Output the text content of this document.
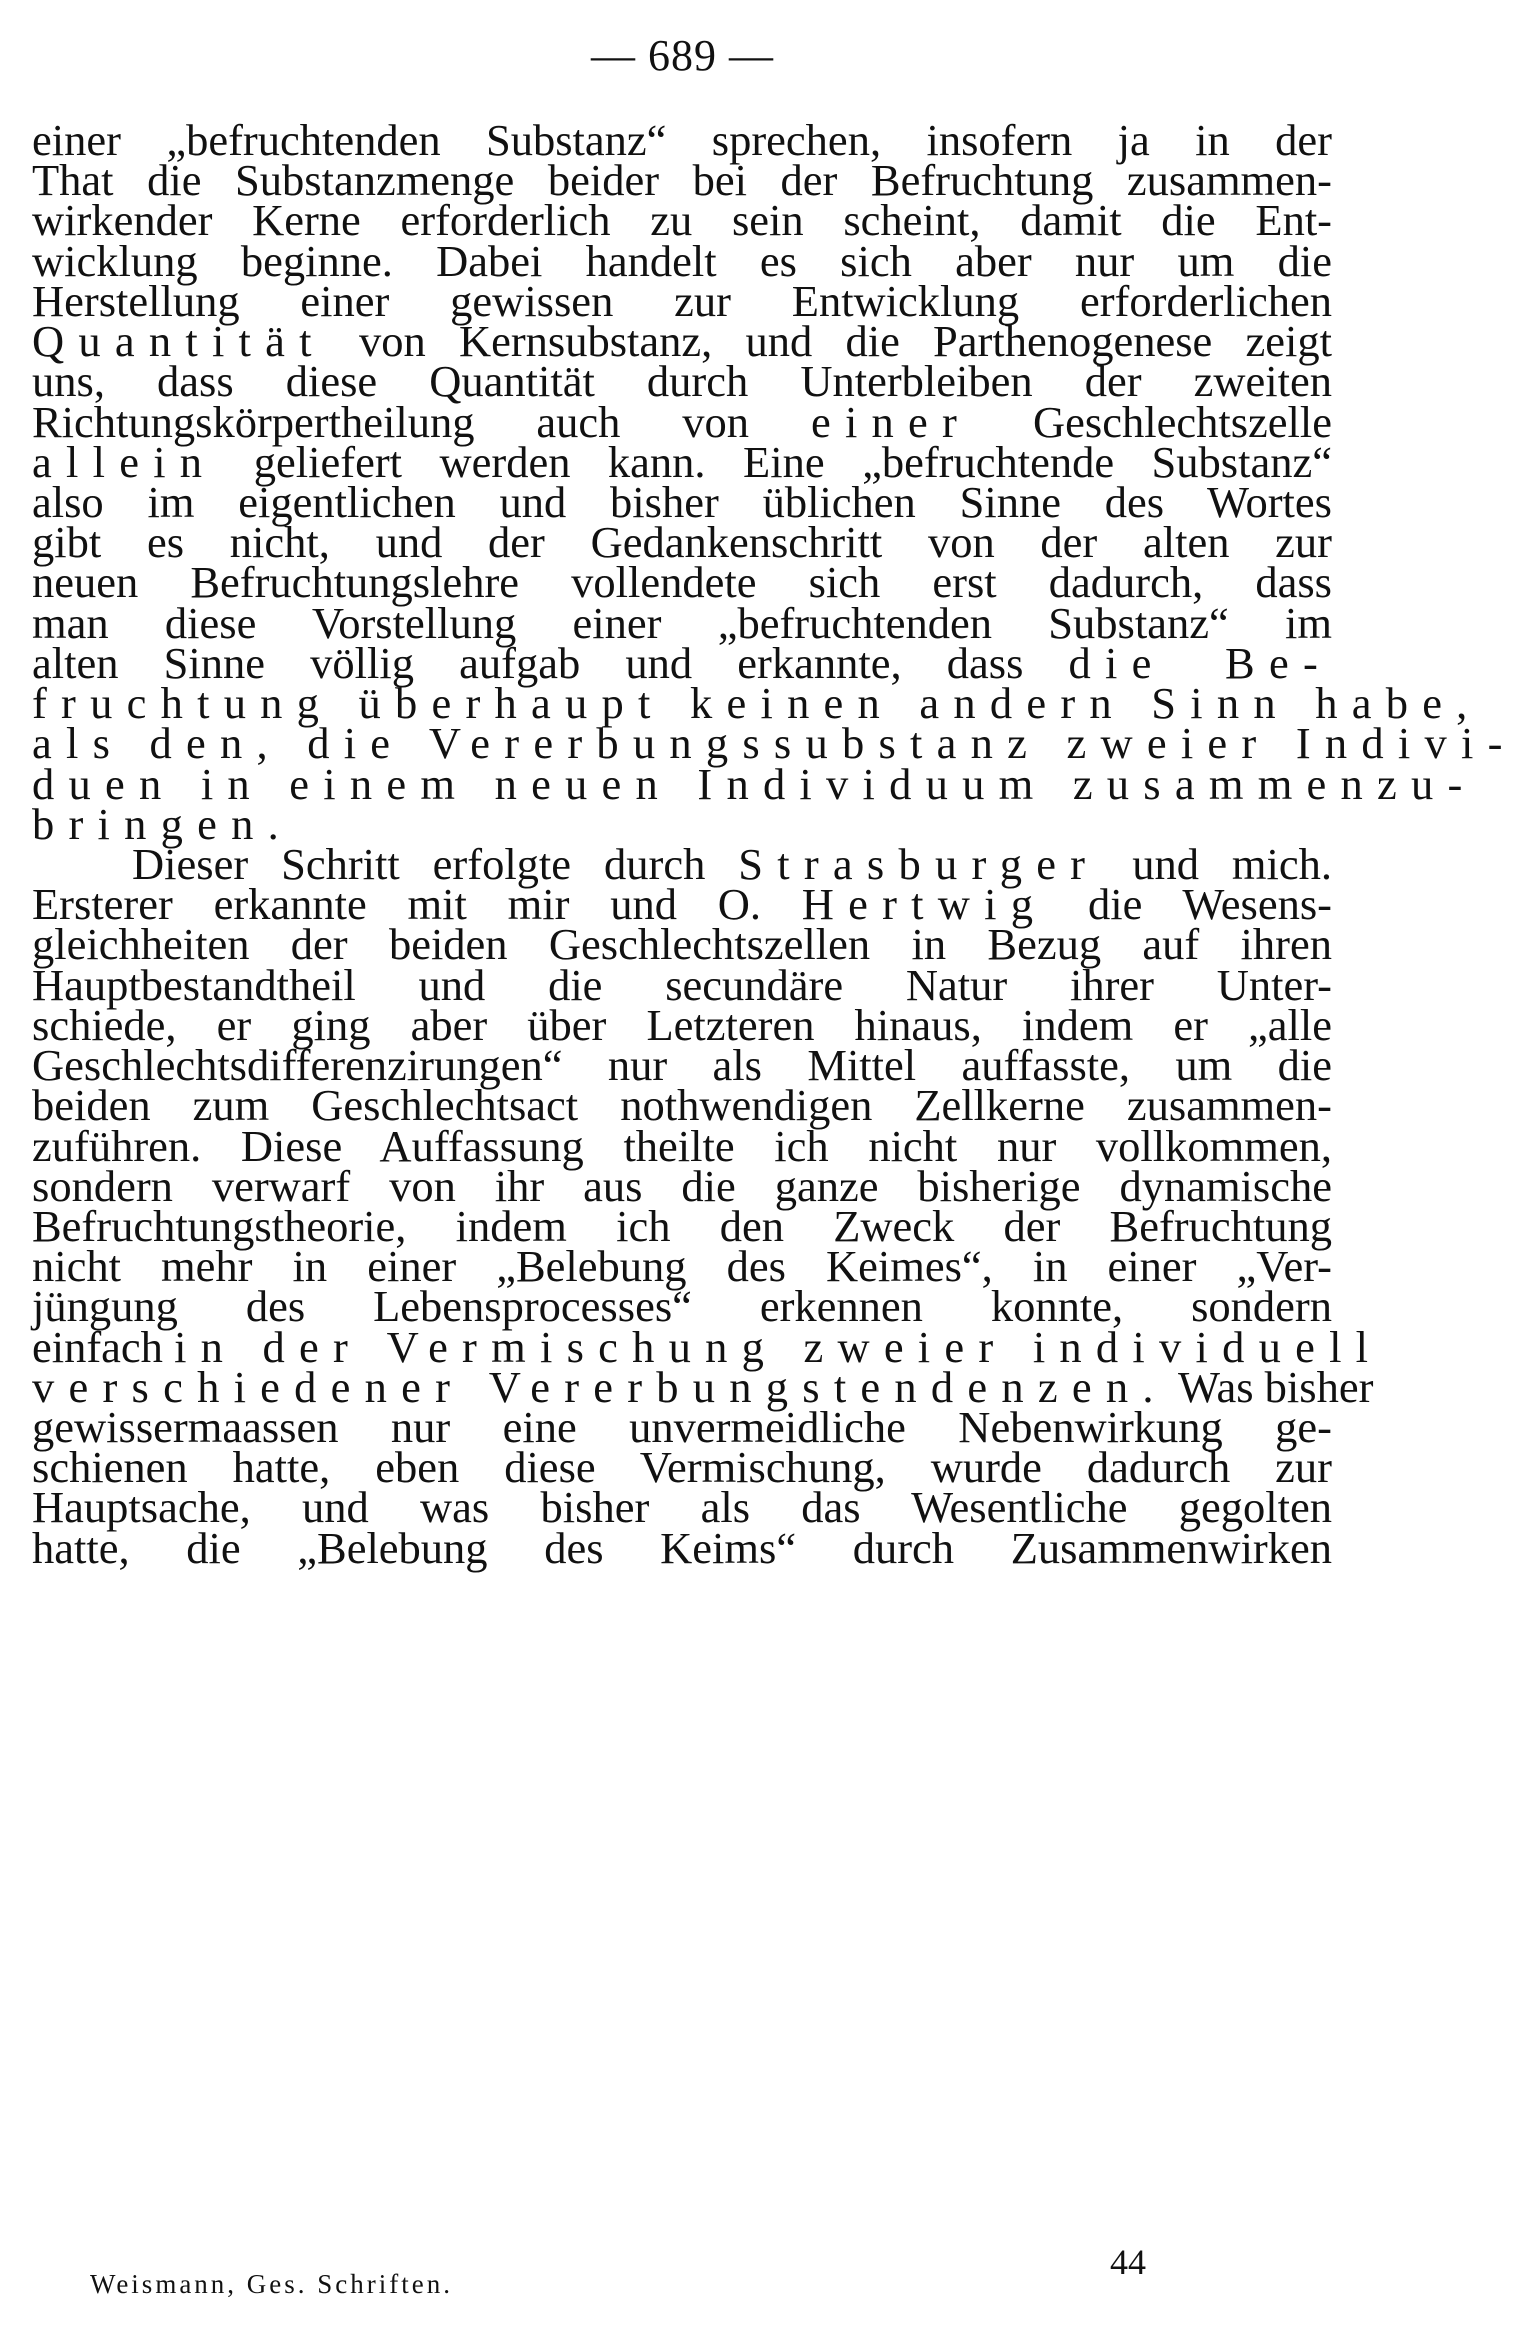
— 689 —
einer „befruchtenden Substanz“ sprechen, insofern ja in der
That die Substanzmenge beider bei der Befruchtung zusammen-
wirkender Kerne erforderlich zu sein scheint, damit die Ent-
wicklung beginne. Dabei handelt es sich aber nur um die
Herstellung einer gewissen zur Entwicklung erforderlichen
Quantität von Kernsubstanz, und die Parthenogenese zeigt
uns, dass diese Quantität durch Unterbleiben der zweiten
Richtungskörpertheilung auch von einer Geschlechtszelle
allein geliefert werden kann. Eine „befruchtende Substanz“
also im eigentlichen und bisher üblichen Sinne des Wortes
gibt es nicht, und der Gedankenschritt von der alten zur
neuen Befruchtungslehre vollendete sich erst dadurch, dass
man diese Vorstellung einer „befruchtenden Substanz“ im
alten Sinne völlig aufgab und erkannte, dass die Be-
fruchtung überhaupt keinen andern Sinn habe,
als den, die Vererbungssubstanz zweier Indivi-
duen in einem neuen Individuum zusammenzu-
bringen.
Dieser Schritt erfolgte durch Strasburger und mich.
Ersterer erkannte mit mir und O. Hertwig die Wesens-
gleichheiten der beiden Geschlechtszellen in Bezug auf ihren
Hauptbestandtheil und die secundäre Natur ihrer Unter-
schiede, er ging aber über Letzteren hinaus, indem er „alle
Geschlechtsdifferenzirungen“ nur als Mittel auffasste, um die
beiden zum Geschlechtsact nothwendigen Zellkerne zusammen-
zuführen. Diese Auffassung theilte ich nicht nur vollkommen,
sondern verwarf von ihr aus die ganze bisherige dynamische
Befruchtungstheorie, indem ich den Zweck der Befruchtung
nicht mehr in einer „Belebung des Keimes“, in einer „Ver-
jüngung des Lebensprocesses“ erkennen konnte, sondern
einfach in der Vermischung zweier individuell
verschiedener Vererbungstendenzen. Was bisher
gewissermaassen nur eine unvermeidliche Nebenwirkung ge-
schienen hatte, eben diese Vermischung, wurde dadurch zur
Hauptsache, und was bisher als das Wesentliche gegolten
hatte, die „Belebung des Keims“ durch Zusammenwirken
Weismann, Ges. Schriften.
44
